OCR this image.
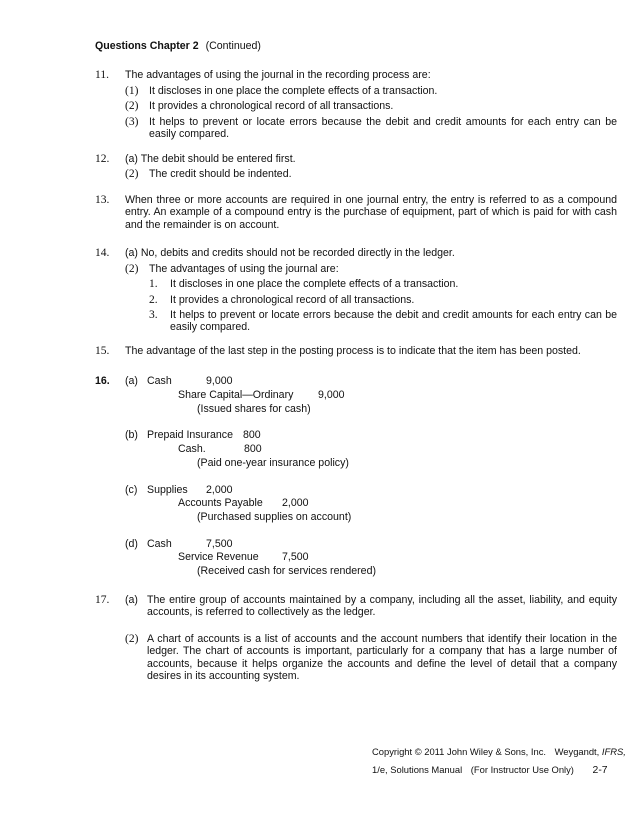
Questions Chapter 2 (Continued)
11. The advantages of using the journal in the recording process are:
(1) It discloses in one place the complete effects of a transaction.
(2) It provides a chronological record of all transactions.
(3) It helps to prevent or locate errors because the debit and credit amounts for each entry can be easily compared.
12. (a) The debit should be entered first.
(2) The credit should be indented.
13. When three or more accounts are required in one journal entry, the entry is referred to as a compound entry. An example of a compound entry is the purchase of equipment, part of which is paid for with cash and the remainder is on account.
14. (a) No, debits and credits should not be recorded directly in the ledger.
(2) The advantages of using the journal are:
1. It discloses in one place the complete effects of a transaction.
2. It provides a chronological record of all transactions.
3. It helps to prevent or locate errors because the debit and credit amounts for each entry can be easily compared.
15. The advantage of the last step in the posting process is to indicate that the item has been posted.
16. (a) Cash	9,000
Share Capital—Ordinary 9,000
(Issued shares for cash)
(b) Prepaid Insurance 800
Cash.	800
(Paid one-year insurance policy)
(c) Supplies 2,000
Accounts Payable 2,000
(Purchased supplies on account)
(d) Cash	7,500
Service Revenue 7,500
(Received cash for services rendered)
17. (a) The entire group of accounts maintained by a company, including all the asset, liability, and equity accounts, is referred to collectively as the ledger.
(2) A chart of accounts is a list of accounts and the account numbers that identify their location in the ledger. The chart of accounts is important, particularly for a company that has a large number of accounts, because it helps organize the accounts and define the level of detail that a company desires in its accounting system.
Copyright © 2011 John Wiley & Sons, Inc. Weygandt, IFRS,
1/e, Solutions Manual (For Instructor Use Only) 2-7
